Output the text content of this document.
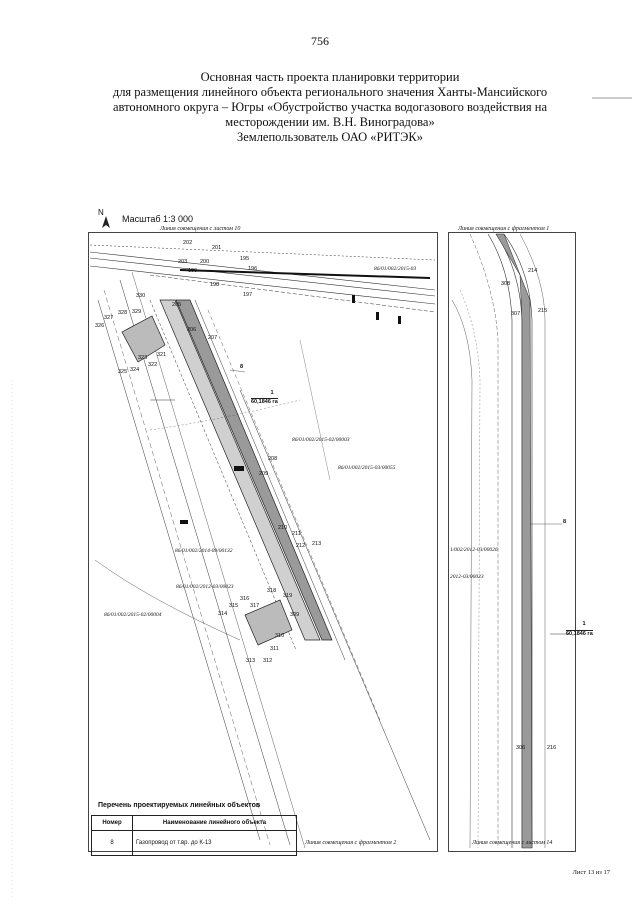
756
Основная часть проекта планировки территории
для размещения линейного объекта регионального значения Ханты-Мансийского
автономного округа – Югры «Обустройство участка водогазового воздействия на
месторождении им. В.Н. Виноградова»
Землепользователь ОАО «РИТЭК»
N
Масштаб 1:3 000
Линия совмещения с листом 10	Линия совмещения с фрагментом 1
Линия совмещения с фрагментом 2	Линия совмещения с листом 14
86/01/002/2015-03
86/01/002/2015-02/00003
86/01/002/2015-03/00055
86/01/002/2014-09/00132
86/01/002/2012-03/00023
86/01/002/2015-02/00004
1/002/2012-03/00026
2012-03/00023
1
60,1846 га
1
60,1846 га
8
8
202
201
203 200
199
195
196
198
197
330
329
328
327
326
205
206
207
321
323
324
322
325
208
209
210
211
212 213
319
318
316
315
314
317
309
310
311
313 312
214
308
307	215
306	216
Перечень проектируемых линейных объектов
Номер	Наименование линейного объекта
8	Газопровод от т.вр. до К-13
Лист 13 из 17
